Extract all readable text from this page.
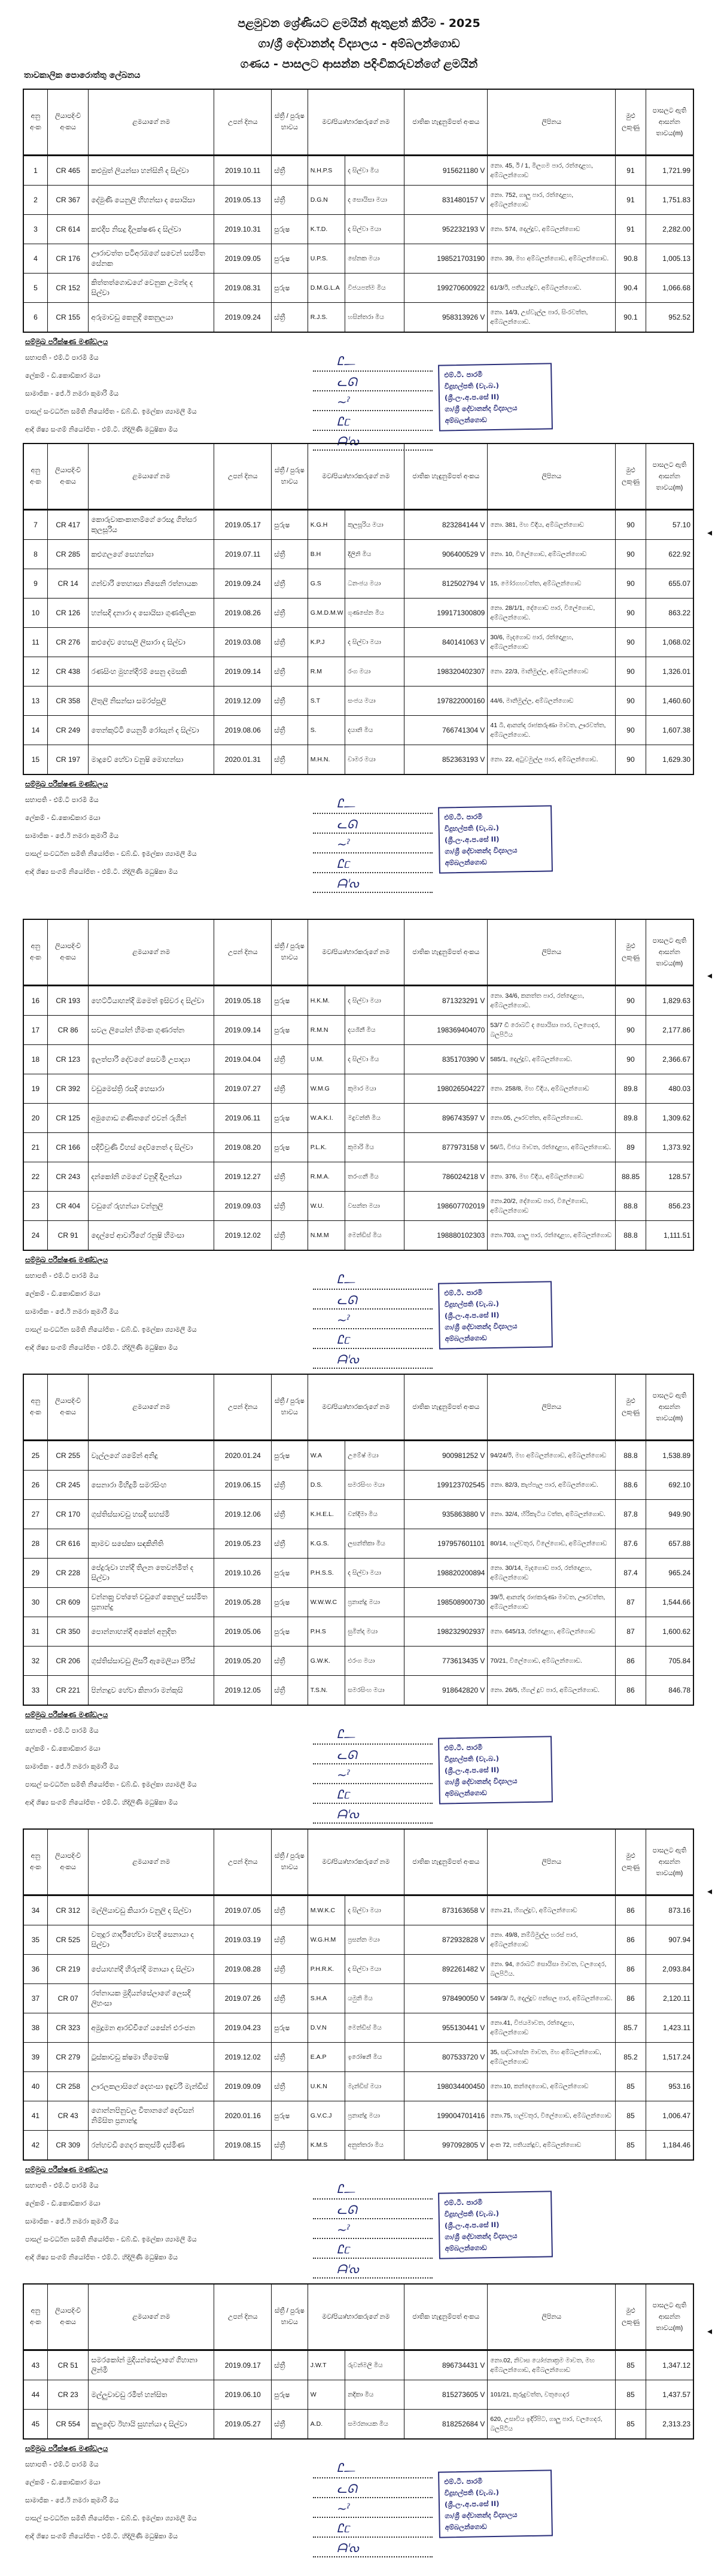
පළමුවන ශ්‍රේණියට ළමයින් ඇතුළත් කිරීම - 2025
ගා/ශ්‍රී දේවානන්ද විද්‍යාලය - අම්බලන්ගොඩ
ගණය - පාසලට ආසන්න පදිංචිකරුවන්ගේ ළමයින්
තාවකාලික පොරොත්තු ලේඛනය
අනු අංක	ලියාපදිංචි අංකය	ළමයාගේ නම	උපන් දිනය	ස්ත්‍රී / පුරුෂ භාවය	මව/පියා/භාරකරුගේ නම		ජාතික හැඳුනුම්පත් අංකය	ලිපිනය	මුළු ලකුණු	පාසලට ඇති ආසන්න තාවය(m)
1	CR 465	කළුබුත් ලියන්සා හන්සිනි ද සිල්වා	2019.10.11	ස්ත්‍රී	N.H.P.S	ද සිල්වා මිය	915621180 V	නො. 45, ඊ / 1, මිලගම පාර, රත්දොළහ, අම්බලන්ගොඩ	91	1,721.99
2	CR 367	දේමුණි යෙනුලි හිහන්සා ද සොයිසා	2019.05.13	ස්ත්‍රී	D.G.N	ද සොයිසා මයා	831480157 V	නො. 752, ගාලු පාර, රත්දොළහ, අම්බලන්ගොඩ	91	1,751.83
3	CR 614	කළුදිප නිසදු දිලක්ෂණ ද සිල්වා	2019.10.31	පුරුෂ	K.T.D.	ද සිල්වා මයා	952232193 V	නො. 574, දෙල්දූව, අම්බලන්ගොඩ	91	2,282.00
4	CR 176	ඌරාවත්ත පටිඅරඹගේ සවෙන් සස්මිත සේනක	2019.09.05	පුරුෂ	U.P.S.	සේනක මයා	198521703190	නො. 39, මහ අම්බලන්ගොඩ, අම්බලන්ගොඩ.	90.8	1,005.13
5	CR 152	කිත්තත්ගොඩගේ වෙනුක උමන්ද ද සිල්වා	2019.08.31	පුරුෂ	D.M.G.L.A	විජයපත්ම මිය	199270600922	61/3/ඊ, පතියන්දූව, අම්බලන්ගොඩ.	90.4	1,066.68
6	CR 155	අරුමාවඩු කෙනුදි කෙනුලයා	2019.09.24	ස්ත්‍රී	R.J.S.	හසින්තරා මිය	958313926 V	නො. 14/3, උස්වැල්ල පාර, සිංරවත්ත, අම්බලන්ගොඩ.	90.1	952.52
සම්මුඛ පරීක්ෂණ මණ්ඩලය
සභාපති - එම්.ටී පාරමී මිය
ලේකම් - ඩී.කොඩිකාර මයා
සාමාජික - ජේ.ඊ නමරා කුමාරි මිය
පාසල් සංවර්ධන සමිති නියෝජිත - ඩබ්.ඩී. ඉමල්කා ශ්‍යාමලී මිය
ආදි ශිෂ්‍ය සංගම් නියෝජිත - එම්.ටී. හිදිලිණි මධුෂිකා මිය
Ꮭ᎗
ᓚᘏ
~ˀ
Ꮭᥴ
ᗩᑊᔓ
එම්.ටී. පාරමී
විදුහල්පති (වැ.බ.)
(ශ්‍රී.ලං.අ.ප.සේ II)
ගා/ශ්‍රී දේවානන්ද විද්‍යාලය
අම්බලන්ගොඩ
අනු අංක	ලියාපදිංචි අංකය	ළමයාගේ නම	උපන් දිනය	ස්ත්‍රී / පුරුෂ භාවය	මව/පියා/භාරකරුගේ නම		ජාතික හැඳුනුම්පත් අංකය	ලිපිනය	මුළු ලකුණු	පාසලට ඇති ආසන්න තාවය(m)
7	CR 417	කොරුවාකංකානම්ගේ රෙසදු ගිත්සර කුලසූරිය	2019.05.17	පුරුෂ	K.G.H	කුලසූරිය මයා	823284144 V	නො. 381, මහ වීදිය, අම්බලන්ගොඩ	90	57.10
8	CR 285	කළුගලගේ සෙහන්සා	2019.07.11	ස්ත්‍රී	B.H	දිලිනි මිය	906400529 V	නො. 10, විලේගොඩ, අම්බලන්ගොඩ	90	622.92
9	CR 14	ගන්වාරි තෙහාසා නිසෙනි රත්නායක	2019.09.24	ස්ත්‍රී	G.S	ධනංජය මයා	812502794 V	15, මෝරගහවත්ත, අම්බලන්ගොඩ	90	655.07
10	CR 126	හන්සදි දනාරා ද සොයිසා ගුණතිලක	2019.08.26	ස්ත්‍රී	G.M.D.M.W	ගුණසේන මිය	199171300809	නො. 28/1/1, දේගොඩ පාර, විලේගොඩ, අම්බලන්ගොඩ.	90	863.22
11	CR 276	කළුදේව හෙසලි ලිසාරා ද සිල්වා	2019.03.08	ස්ත්‍රී	K.P.J	ද සිල්වා මයා	840141063 V	30/6, මැදගොඩ පාර, රත්දොළහ, අම්බලන්ගොඩ	90	1,068.02
12	CR 438	රණසිංහ මුහන්දිරම් සෙනු දමසකි	2019.09.14	ස්ත්‍රී	R.M	රංග මයා	198320402307	නො. 22/3, මානිමුල්ල, අම්බලන්ගොඩ	90	1,326.01
13	CR 358	ලිතුලි නිසන්සා සමරප්පුලි	2019.12.09	ස්ත්‍රී	S.T	සංජය මයා	197822000160	44/6, මානිමුල්ල, අම්බලන්ගොඩ	90	1,460.60
14	CR 249	තෙන්කුට්ටි යෙනුමි රෝසැන් ද සිල්වා	2019.08.06	ස්ත්‍රී	S.	දයානි මිය	766741304 V	41 බී, ආනන්ද රාජකරුණා මාවත, ඌරවත්ත, අම්බලන්ගොඩ.	90	1,607.38
15	CR 197	මාදුවේ හේවා වනුෂි මොහන්සා	2020.01.31	ස්ත්‍රී	M.H.N.	චාමර මයා	852363193 V	නො. 22, අටුවමුල්ල පාර, අම්බලන්ගොඩ.	90	1,629.30
සම්මුඛ පරීක්ෂණ මණ්ඩලය
සභාපති - එම්.ටී පාරමී මිය
ලේකම් - ඩී.කොඩිකාර මයා
සාමාජික - ජේ.ඊ නමරා කුමාරි මිය
පාසල් සංවර්ධන සමිති නියෝජිත - ඩබ්.ඩී. ඉමල්කා ශ්‍යාමලී මිය
ආදි ශිෂ්‍ය සංගම් නියෝජිත - එම්.ටී. හිදිලිණි මධුෂිකා මිය
Ꮭ᎗
ᓚᘏ
~ˀ
Ꮭᥴ
ᗩᑊᔓ
එම්.ටී. පාරමී
විදුහල්පති (වැ.බ.)
(ශ්‍රී.ලං.අ.ප.සේ II)
ගා/ශ්‍රී දේවානන්ද විද්‍යාලය
අම්බලන්ගොඩ
අනු අංක	ලියාපදිංචි අංකය	ළමයාගේ නම	උපන් දිනය	ස්ත්‍රී / පුරුෂ භාවය	මව/පියා/භාරකරුගේ නම		ජාතික හැඳුනුම්පත් අංකය	ලිපිනය	මුළු ලකුණු	පාසලට ඇති ආසන්න තාවය(m)
16	CR 193	හෙට්ටියාහන්දි ඔමෙත් ඉසිවර ද සිල්වා	2019.05.18	පුරුෂ	H.K.M.	ද සිල්වා මයා	871323291 V	නො. 34/6, කනත්ත පාර, රත්දොළහ, අම්බලන්ගොඩ.	90	1,829.63
17	CR 86	සවල ලියෝන් හිමංක ගුණරත්න	2019.09.14	පුරුෂ	R.M.N	දයශිනී මිය	198369404070	53/7 ඩී රොබට් ද සොයිසා පාර, වලගෙදර, බලපිටිය	90	2,177.86
18	CR 123	ඉලත්පාරි දේවගේ සෙවමි උපාද්‍යා	2019.04.04	ස්ත්‍රී	U.M.	ද සිල්වා මිය	835170390 V	585/1, දෙල්දූව, අම්බලන්ගොඩ.	90	2,366.67
19	CR 392	වඩුමෙස්ත්‍රි රසදි හෙසාරා	2019.07.27	ස්ත්‍රී	W.M.G	කුමාර මයා	198026504227	නො. 258/8, මහ වීදිය, අම්බලන්ගොඩ	89.8	480.03
20	CR 125	අමුගොඩ ගණිතගේ එවන් රුශින්	2019.06.11	පුරුෂ	W.A.K.I.	මදුවන්ති මිය	896743597 V	නො.05, ඌරවත්ත, අම්බලන්ගොඩ.	89.8	1,309.62
21	CR 166	පදිවිවුණි විහස් දෙව්නෙත් ද සිල්වා	2019.08.20	පුරුෂ	P.L.K.	කුමාරි මිය	877973158 V	56/බී, විජය මාවත, රත්දොළහ, අම්බලන්ගොඩ.	89	1,373.92
22	CR 243	දන්කෝනි ගමගේ වනුදි දිලන්යා	2019.12.27	ස්ත්‍රී	R.M.A.	තරංගනී මිය	786024218 V	නො. 376, මහ වීදිය, අම්බලන්ගොඩ	88.85	128.57
23	CR 404	වඩුගේ රුහන්යා වන්නුලි	2019.09.03	ස්ත්‍රී	W.U.	වසන්ත මයා	198607702019	නො.20/2, දේගොඩ පාර, විලේගොඩ, අම්බලන්ගොඩ	88.8	856.23
24	CR 91	දෙල්පේ ආවාරිගේ රනුෂි හිමංසා	2019.12.02	ස්ත්‍රී	N.M.M	මෙන්ඩිස් මිය	198880102303	නො.703, ගාලු පාර, රත්දොළහ, අම්බලන්ගොඩ	88.8	1,111.51
සම්මුඛ පරීක්ෂණ මණ්ඩලය
සභාපති - එම්.ටී පාරමී මිය
ලේකම් - ඩී.කොඩිකාර මයා
සාමාජික - ජේ.ඊ නමරා කුමාරි මිය
පාසල් සංවර්ධන සමිති නියෝජිත - ඩබ්.ඩී. ඉමල්කා ශ්‍යාමලී මිය
ආදි ශිෂ්‍ය සංගම් නියෝජිත - එම්.ටී. හිදිලිණි මධුෂිකා මිය
Ꮭ᎗
ᓚᘏ
~ˀ
Ꮭᥴ
ᗩᑊᔓ
එම්.ටී. පාරමී
විදුහල්පති (වැ.බ.)
(ශ්‍රී.ලං.අ.ප.සේ II)
ගා/ශ්‍රී දේවානන්ද විද්‍යාලය
අම්බලන්ගොඩ
අනු අංක	ලියාපදිංචි අංකය	ළමයාගේ නම	උපන් දිනය	ස්ත්‍රී / පුරුෂ භාවය	මව/පියා/භාරකරුගේ නම		ජාතික හැඳුනුම්පත් අංකය	ලිපිනය	මුළු ලකුණු	පාසලට ඇති ආසන්න තාවය(m)
25	CR 255	වැල්ලගේ ශමේන් අනිදු	2020.01.24	පුරුෂ	W.A	උමේෂ් මයා	900981252 V	94/24/ඊ, මහ අම්බලන්ගොඩ, අම්බලන්ගොඩ	88.8	1,538.89
26	CR 245	සෙනාරා මිහිදුමි සමරසිංහ	2019.06.15	ස්ත්‍රී	D.S.	සමරසිංහ මයා	199123702545	නො. 82/3, කැප්පැල පාර, අම්බලන්ගොඩ.	88.6	692.10
27	CR 170	ගුස්තිස්සාවඩු හසදි සහස්මි	2019.12.06	ස්ත්‍රී	K.H.E.L.	චන්දිමා මිය	935863880 V	නො. 32/4, හිරිකැටිය වත්ත, අම්බලන්ගොඩ.	87.8	949.90
28	CR 616	කුාමව සසේකා සඳකිනිති	2019.05.23	ස්ත්‍රී	K.G.S.	ලසන්තිකා මිය	197957601101	80/14, හල්වතුර, විලේගොඩ, අම්බලන්ගොඩ	87.6	657.88
29	CR 228	පේදුරුවා හන්දි තිලන තෙවන්මිත් ද සිල්වා	2019.10.26	පුරුෂ	P.H.S.S.	ද සිල්වා මයා	198820200894	නො. 30/14, මැදගොඩ පාර, රත්දොළහ, අම්බලන්ගොඩ	87.4	965.24
30	CR 609	වන්නකුු වත්තේ වඩුගේ කෙනුල් සස්මිත ප්‍රනාන්දු	2019.05.28	පුරුෂ	W.W.W.C	ප්‍රනාන්දු මයා	198508900730	39/ඊ, ආනන්ද රාජකරුණා මාවත, ඌරවත්ත, අම්බලන්ගොඩ	87	1,544.66
31	CR 350	පොන්නාහන්දි අකේන් අනුදිත	2019.05.06	පුරුෂ	P.H.S	සුමින්ද මයා	198232902937	නො. 645/13, රත්දොළහ, අම්බලන්ගොඩ	87	1,600.62
32	CR 206	ගුස්තිස්සාවඩු ලිසරි ඇමෙලියා පීරිස්	2019.05.20	ස්ත්‍රී	G.W.K.	එරංග මයා	773613435 V	70/21, විලේගොඩ, අම්බලන්ගොඩ.	86	705.84
33	CR 221	පින්නදුව හේවා කිනාරා මන්කුසි	2019.12.05	ස්ත්‍රී	T.S.N.	සමරසිංහ මයා	918642820 V	නො. 26/5, හිගල් දූව පාර, අම්බලන්ගොඩ.	86	846.78
සම්මුඛ පරීක්ෂණ මණ්ඩලය
සභාපති - එම්.ටී පාරමී මිය
ලේකම් - ඩී.කොඩිකාර මයා
සාමාජික - ජේ.ඊ නමරා කුමාරි මිය
පාසල් සංවර්ධන සමිති නියෝජිත - ඩබ්.ඩී. ඉමල්කා ශ්‍යාමලී මිය
ආදි ශිෂ්‍ය සංගම් නියෝජිත - එම්.ටී. හිදිලිණි මධුෂිකා මිය
Ꮭ᎗
ᓚᘏ
~ˀ
Ꮭᥴ
ᗩᑊᔓ
එම්.ටී. පාරමී
විදුහල්පති (වැ.බ.)
(ශ්‍රී.ලං.අ.ප.සේ II)
ගා/ශ්‍රී දේවානන්ද විද්‍යාලය
අම්බලන්ගොඩ
අනු අංක	ලියාපදිංචි අංකය	ළමයාගේ නම	උපන් දිනය	ස්ත්‍රී / පුරුෂ භාවය	මව/පියා/භාරකරුගේ නම		ජාතික හැඳුනුම්පත් අංකය	ලිපිනය	මුළු ලකුණු	පාසලට ඇති ආසන්න තාවය(m)
34	CR 312	මල්ලියාවඩු කියාරා වනුලි ද සිල්වා	2019.07.05	ස්ත්‍රී	M.W.K.C	ද සිල්වා මයා	873163658 V	නො.21, හිගල්දූව, අම්බලන්ගොඩ	86	873.16
35	CR 525	වතුදුර ගාර්දිහේවා මහදි සෙනායා ද සිල්වා	2019.03.19	ස්ත්‍රී	W.G.H.M	ප්‍රසන්න මයා	872932828 V	නො. 49/8, නම්බිමුල්ල හරස් පාර, අම්බලන්ගොඩ	86	907.94
36	CR 219	පේයාහන්දි හිරුන්දි මනායා ද සිල්වා	2019.08.28	ස්ත්‍රී	P.H.R.K.	ද සිල්වා මයා	892261482 V	නො. 94, රොබට් සොයිසා මාවත, වලගෙදර, බලපිටිය.	86	2,093.84
37	CR 07	රත්නායක මුදියන්සේලාගේ ලෙසදි ලිහංසා	2019.07.26	ස්ත්‍රී	S.H.A	යමුනි මිය	978490050 V	549/3/ බී, දෙල්දූව පන්සල පාර, අම්බලන්ගොඩ.	86	2,120.11
38	CR 323	අමුදූමන ආරච්චිගේ යසේන් එරංජන	2019.04.23	පුරුෂ	D.V.N	මෙන්ඩිස් මිය	955130441 V	නො.41, විජයමාවත, රත්දොළහ, අම්බලන්ගොඩ	85.7	1,423.11
39	CR 279	ටුස්කාවඩු ක්ෂමා හිමෙතෂි	2019.12.02	ස්ත්‍රී	E.A.P	ඉරෝෂනී මිය	807533720 V	35, සද්ධාසේන මාවත, මහ අම්බලන්ගොඩ, අම්බලන්ගොඩ	85.2	1,517.24
40	CR 258	ඌරලකලාසිගේ දෙහංසා ඉඳුවරි මැන්ඩිස්	2019.09.09	ස්ත්‍රී	U.K.N	මැන්ඩිස් මයා	198034400450	නො.10, කන්දෙගොඩ, අම්බලන්ගොඩ	85	953.16
41	CR 43	ගොන්නපිනුවල විතානගේ දෙව්සන් නිම්සිත ප්‍රනාන්දු	2020.01.16	පුරුෂ	G.V.C.J	ප්‍රනාන්දු මයා	199004701416	නො.75, හල්වතුර, විලේගොඩ, අම්බලන්ගොඩ	85	1,006.47
42	CR 309	රන්හවඩි ගෙදර කතුස්මි දස්මිණ	2019.08.15	ස්ත්‍රී	K.M.S	අනුත්තරා මිය	997092805 V	අංක 72, පතියන්දූව, අම්බලන්ගොඩ	85	1,184.46
සම්මුඛ පරීක්ෂණ මණ්ඩලය
සභාපති - එම්.ටී පාරමී මිය
ලේකම් - ඩී.කොඩිකාර මයා
සාමාජික - ජේ.ඊ නමරා කුමාරි මිය
පාසල් සංවර්ධන සමිති නියෝජිත - ඩබ්.ඩී. ඉමල්කා ශ්‍යාමලී මිය
ආදි ශිෂ්‍ය සංගම් නියෝජිත - එම්.ටී. හිදිලිණි මධුෂිකා මිය
Ꮭ᎗
ᓚᘏ
~ˀ
Ꮭᥴ
ᗩᑊᔓ
එම්.ටී. පාරමී
විදුහල්පති (වැ.බ.)
(ශ්‍රී.ලං.අ.ප.සේ II)
ගා/ශ්‍රී දේවානන්ද විද්‍යාලය
අම්බලන්ගොඩ
අනු අංක	ලියාපදිංචි අංකය	ළමයාගේ නම	උපන් දිනය	ස්ත්‍රී / පුරුෂ භාවය	මව/පියා/භාරකරුගේ නම		ජාතික හැඳුනුම්පත් අංකය	ලිපිනය	මුළු ලකුණු	පාසලට ඇති ආසන්න තාවය(m)
43	CR 51	සමරකෝන් මුදියන්සේලාගේ ගිහානා ලින්මි	2019.09.17	ස්ත්‍රී	J.W.T	රුවන්මලි මිය	896734431 V	නො.02, නිවාස යෝජනාක්‍රම මාවත, මහ අම්බලන්ගොඩ, අම්බලන්ගොඩ	85	1,347.12
44	CR 23	මල්ලුවාවඩු රමිත් හන්සිත	2019.06.10	පුරුෂ	W	නදිකා මිය	815273605 V	101/21, කුරුදුවත්ත, වතුගෙදර	85	1,437.57
45	CR 554	කලුදේව ඊහායි සුහන්යා ද සිල්වා	2019.05.27	ස්ත්‍රී	A.D.	සමරනායක මිය	818252684 V	620, උසාවිය ඉදිරිපිට, ගාලු පාර, වලගෙදර, බලපිටිය	85	2,313.23
සම්මුඛ පරීක්ෂණ මණ්ඩලය
සභාපති - එම්.ටී පාරමී මිය
ලේකම් - ඩී.කොඩිකාර මයා
සාමාජික - ජේ.ඊ නමරා කුමාරි මිය
පාසල් සංවර්ධන සමිති නියෝජිත - ඩබ්.ඩී. ඉමල්කා ශ්‍යාමලී මිය
ආදි ශිෂ්‍ය සංගම් නියෝජිත - එම්.ටී. හිදිලිණි මධුෂිකා මිය
Ꮭ᎗
ᓚᘏ
~ˀ
Ꮭᥴ
ᗩᑊᔓ
එම්.ටී. පාරමී
විදුහල්පති (වැ.බ.)
(ශ්‍රී.ලං.අ.ප.සේ II)
ගා/ශ්‍රී දේවානන්ද විද්‍යාලය
අම්බලන්ගොඩ
◂
◂
◂
◂
